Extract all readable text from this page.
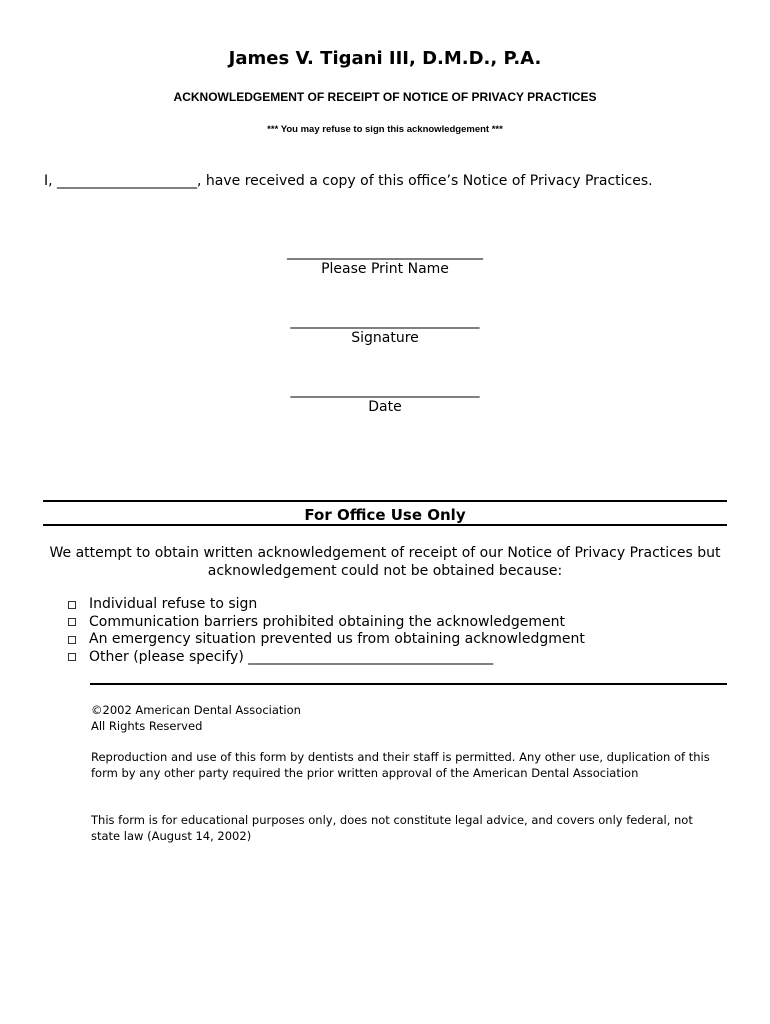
James V. Tigani III, D.M.D., P.A.
ACKNOWLEDGEMENT OF RECEIPT OF NOTICE OF PRIVACY PRACTICES
*** You may refuse to sign this acknowledgement ***
I, ____________________, have received a copy of this office’s Notice of Privacy Practices.
____________________________
Please Print Name
___________________________
Signature
___________________________
Date
For Office Use Only
We attempt to obtain written acknowledgement of receipt of our Notice of Privacy Practices but acknowledgement could not be obtained because:
Individual refuse to sign
Communication barriers prohibited obtaining the acknowledgement
An emergency situation prevented us from obtaining acknowledgment
Other (please specify) ___________________________________
©2002 American Dental Association
All Rights Reserved
Reproduction and use of this form by dentists and their staff is permitted. Any other use, duplication of this form by any other party required the prior written approval of the American Dental Association
This form is for educational purposes only, does not constitute legal advice, and covers only federal, not state law (August 14, 2002)
